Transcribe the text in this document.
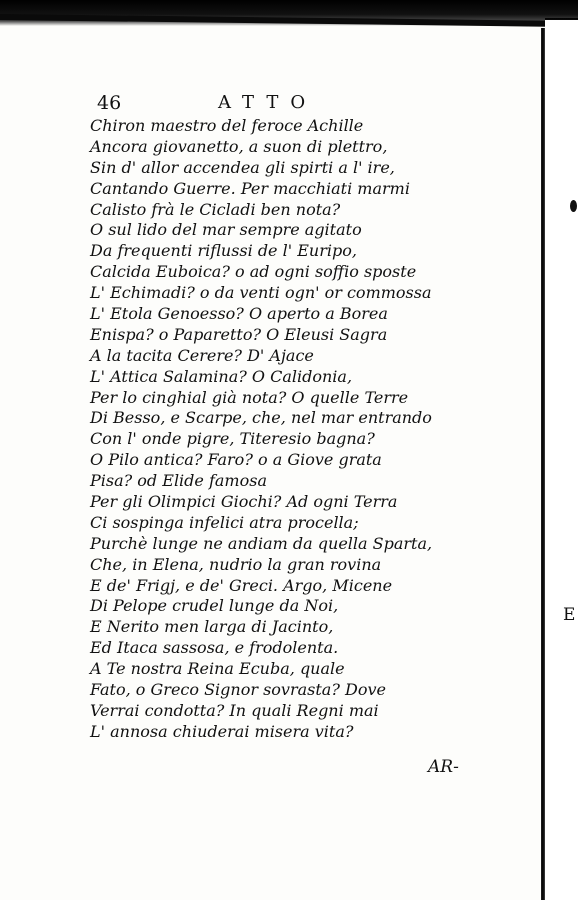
E
46	ATTO
Chiron maestro del feroce Achille
Ancora giovanetto, a suon di plettro,
Sin d' allor accendea gli spirti a l' ire,
Cantando Guerre. Per macchiati marmi
Calisto frà le Cicladi ben nota?
O sul lido del mar sempre agitato
Da frequenti riflussi de l' Euripo,
Calcida Euboica? o ad ogni soffio sposte
L' Echimadi? o da venti ogn' or commossa
L' Etola Genoesso? O aperto a Borea
Enispa? o Paparetto? O Eleusi Sagra
A la tacita Cerere? D' Ajace
L' Attica Salamina? O Calidonia,
Per lo cinghial già nota? O quelle Terre
Di Besso, e Scarpe, che, nel mar entrando
Con l' onde pigre, Titeresio bagna?
O Pilo antica? Faro? o a Giove grata
Pisa? od Elide famosa
Per gli Olimpici Giochi? Ad ogni Terra
Ci sospinga infelici atra procella;
Purchè lunge ne andiam da quella Sparta,
Che, in Elena, nudrio la gran rovina
E de' Frigj, e de' Greci. Argo, Micene
Di Pelope crudel lunge da Noi,
E Nerito men larga di Jacinto,
Ed Itaca sassosa, e frodolenta.
A Te nostra Reina Ecuba, quale
Fato, o Greco Signor sovrasta? Dove
Verrai condotta? In quali Regni mai
L' annosa chiuderai misera vita?
AR-
